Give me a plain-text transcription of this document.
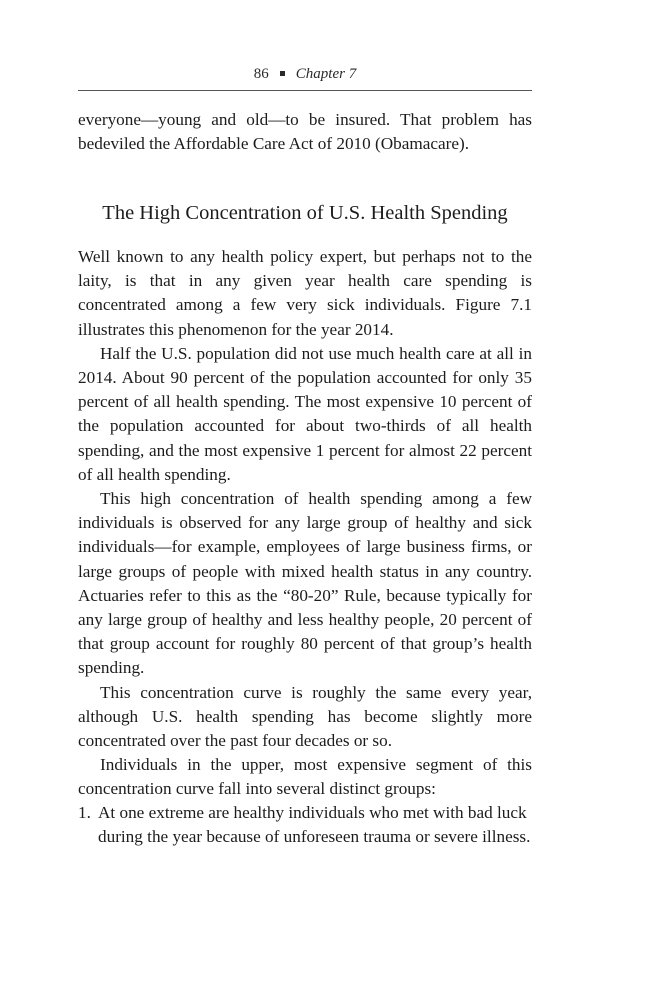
86 Chapter 7

everyone—young and old—to be insured. That problem has bedeviled the Affordable Care Act of 2010 (Obamacare).

The High Concentration of U.S. Health Spending

Well known to any health policy expert, but perhaps not to the laity, is that in any given year health care spending is concentrated among a few very sick individuals. Figure 7.1 illustrates this phenomenon for the year 2014.

Half the U.S. population did not use much health care at all in 2014. About 90 percent of the population accounted for only 35 percent of all health spending. The most expensive 10 percent of the population accounted for about two-thirds of all health spending, and the most expensive 1 percent for almost 22 percent of all health spending.

This high concentration of health spending among a few individuals is observed for any large group of healthy and sick individuals—for example, employees of large business firms, or large groups of people with mixed health status in any country. Actuaries refer to this as the “80-20” Rule, because typically for any large group of healthy and less healthy people, 20 percent of that group account for roughly 80 percent of that group’s health spending.

This concentration curve is roughly the same every year, although U.S. health spending has become slightly more concentrated over the past four decades or so.

Individuals in the upper, most expensive segment of this concentration curve fall into several distinct groups:

1. At one extreme are healthy individuals who met with bad luck during the year because of unforeseen trauma or severe illness.
